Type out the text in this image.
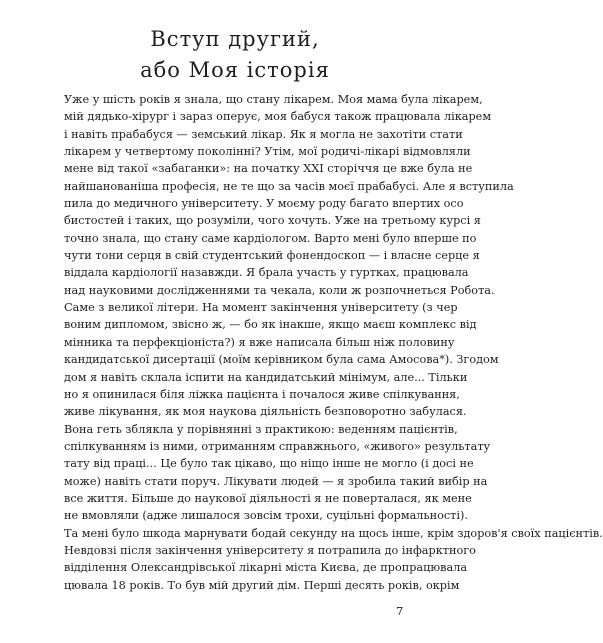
Вступ другий,
або Моя історія
Уже у шість років я знала, що стану лікарем. Моя мама була лікарем,
мій дядько-хірург і зараз оперує, моя бабуся також працювала лікарем
і навіть прабабуся — земський лікар. Як я могла не захотіти стати
лікарем у четвертому поколінні? Утім, мої родичі-лікарі відмовляли
мене від такої «забаганки»: на початку XXI сторіччя це вже була не
найшанованіша професія, не те що за часів моєї прабабусі. Але я вступила
пила до медичного університету. У моєму роду багато впертих осо
бистостей і таких, що розуміли, чого хочуть. Уже на третьому курсі я
точно знала, що стану саме кардіологом. Варто мені було вперше по
чути тони серця в свій студентський фонендоскоп — і власне серце я
віддала кардіології назавжди. Я брала участь у гуртках, працювала
над науковими дослідженнями та чекала, коли ж розпочнеться Робота.
Саме з великої літери. На момент закінчення університету (з чер
воним дипломом, звісно ж, — бо як інакше, якщо маєш комплекс від
мінника та перфекціоніста?) я вже написала більш ніж половину
кандидатської дисертації (моїм керівником була сама Амосова*). Згодом
дом я навіть склала іспити на кандидатський мінімум, але... Тільки
но я опинилася біля ліжка пацієнта і почалося живе спілкування,
живе лікування, як моя наукова діяльність безповоротно забулася.
Вона геть зблякла у порівнянні з практикою: веденням пацієнтів,
спілкуванням із ними, отриманням справжнього, «живого» результату
тату від праці... Це було так цікаво, що ніщо інше не могло (і досі не
може) навіть стати поруч. Лікувати людей — я зробила такий вибір на
все життя. Більше до наукової діяльності я не поверталася, як мене
не вмовляли (адже лишалося зовсім трохи, суцільні формальності).
Та мені було шкода марнувати бодай секунду на щось інше, крім здоров'я своїх пацієнтів.
Невдовзі після закінчення університету я потрапила до інфарктного
відділення Олександрівської лікарні міста Києва, де пропрацювала
цювала 18 років. То був мій другий дім. Перші десять років, окрім
7
